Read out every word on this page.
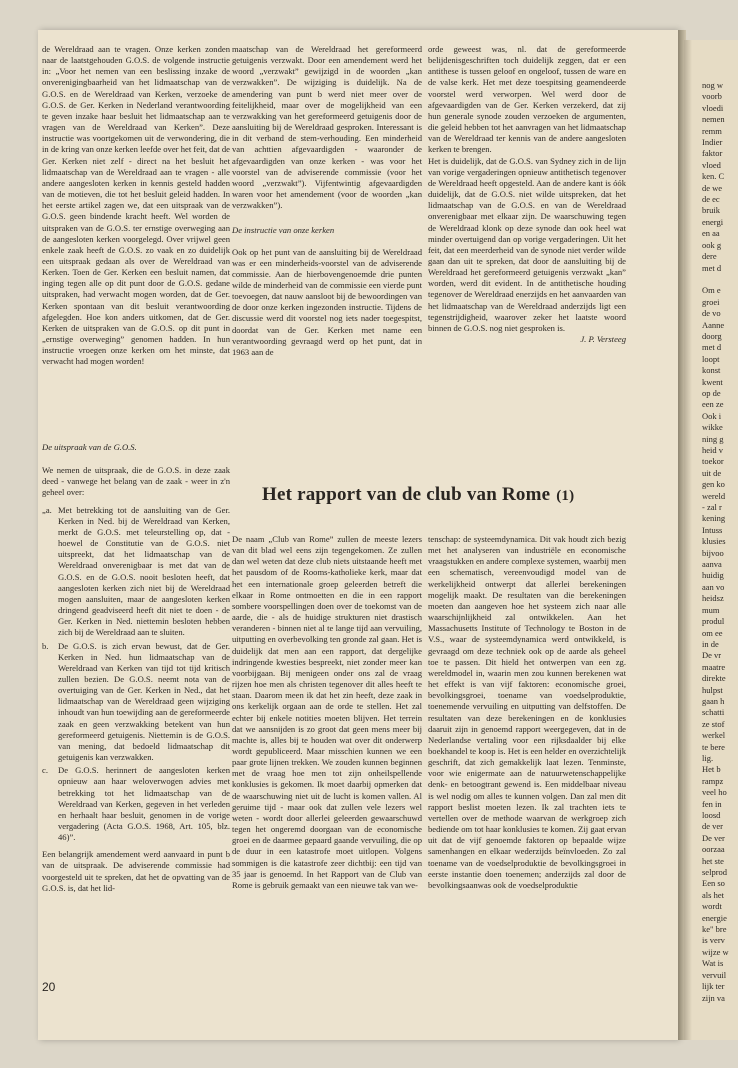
nog w

voorb

vloedi

nemen

remm

Indier

faktor

vloed

ken. C

de we

de ec

bruik

energi

en aa

ook g

dere

met d

Om e

groei

de vo

Aanne

doorg

met d

loopt

konst

kwent

op de

een ze

Ook i

wikke

ning g

heid v

toekor

uit de

gen ko

wereld

- zal r

kening

Intuss

klusies

bijvoo

aanva

huidig

aan vo

heidsz

mum

produl

om ee

in de

De vr

maatre

direkte

hulpst

gaan h

schatti

ze stof

werkel

te bere

lig.

Het b

rampz

veel ho

fen in

loosd

de ver

De ver

oorzaa

het ste

selprod

Een so

als het

wordt

energie

ke" bre

is verv

wijze w

Wat is

vervuil

lijk ter

zijn va

de Wereldraad aan te vragen. Onze kerken zonden naar de laatstgehouden G.O.S. de volgende instructie in: „Voor het nemen van een beslissing inzake de onverenigingbaarheid van het lidmaatschap van de G.O.S. en de Wereldraad van Kerken, verzoeke de G.O.S. de Ger. Kerken in Nederland verantwoording te geven inzake haar besluit het lidmaatschap aan te vragen van de Wereldraad van Kerken”. Deze instructie was voortgekomen uit de verwondering, die in de kring van onze kerken leefde over het feit, dat de Ger. Kerken niet zelf - direct na het besluit het lidmaatschap van de Wereldraad aan te vragen - alle andere aangesloten kerken in kennis gesteld hadden van de motieven, die tot het besluit geleid hadden. In het eerste artikel zagen we, dat een uitspraak van de G.O.S. geen bindende kracht heeft. Wel worden de uitspraken van de G.O.S. ter ernstige overweging aan de aangesloten kerken voorgelegd. Over vrijwel geen enkele zaak heeft de G.O.S. zo vaak en zo duidelijk een uitspraak gedaan als over de Wereldraad van Kerken. Toen de Ger. Kerken een besluit namen, dat inging tegen alle op dit punt door de G.O.S. gedane uitspraken, had verwacht mogen worden, dat de Ger. Kerken spontaan van dit besluit verantwoording afgelegden. Hoe kon anders uitkomen, dat de Ger. Kerken de uitspraken van de G.O.S. op dit punt in „ernstige overweging” genomen hadden. In hun instructie vroegen onze kerken om het minste, dat verwacht had mogen worden!

maatschap van de Wereldraad het gereformeerd getuigenis verzwakt. Door een amendement werd het woord „verzwakt” gewijzigd in de woorden „kan verzwakken”. De wijziging is duidelijk. Na de amendering van punt b werd niet meer over de feitelijkheid, maar over de mogelijkheid van een verzwakking van het gereformeerd getuigenis door de aansluiting bij de Wereldraad gesproken. Interessant is in dit verband de stem-verhouding. Een minderheid van achttien afgevaardigden - waaronder de afgevaardigden van onze kerken - was voor het voorstel van de adviserende commissie (voor het woord „verzwakt”). Vijfentwintig afgevaardigden waren voor het amendement (voor de woorden „kan verzwakken”).

De instructie van onze kerken

Ook op het punt van de aansluiting bij de Wereldraad was er een minderheids-voorstel van de adviserende commissie. Aan de hierbovengenoemde drie punten wilde de minderheid van de commissie een vierde punt toevoegen, dat nauw aansloot bij de bewoordingen van de door onze kerken ingezonden instructie. Tijdens de discussie werd dit voorstel nog iets nader toegespitst, doordat van de Ger. Kerken met name een verantwoording gevraagd werd op het punt, dat in 1963 aan de

orde geweest was, nl. dat de gereformeerde belijdenisgeschriften toch duidelijk zeggen, dat er een antithese is tussen geloof en ongeloof, tussen de ware en de valse kerk. Het met deze toespitsing geamendeerde voorstel werd verworpen. Wel werd door de afgevaardigden van de Ger. Kerken verzekerd, dat zij hun generale synode zouden verzoeken de argumenten, die geleid hebben tot het aanvragen van het lidmaatschap van de Wereldraad ter kennis van de andere aangesloten kerken te brengen.

Het is duidelijk, dat de G.O.S. van Sydney zich in de lijn van vorige vergaderingen opnieuw antithetisch tegenover de Wereldraad heeft opgesteld. Aan de andere kant is óók duidelijk, dat de G.O.S. niet wilde uitspreken, dat het lidmaatschap van de G.O.S. en van de Wereldraad onverenigbaar met elkaar zijn. De waarschuwing tegen de Wereldraad klonk op deze synode dan ook heel wat minder overtuigend dan op vorige vergaderingen. Uit het feit, dat een meerderheid van de synode niet verder wilde gaan dan uit te spreken, dat door de aansluiting bij de Wereldraad het gereformeerd getuigenis verzwakt „kan” worden, werd dit evident. In de antithetische houding tegenover de Wereldraad enerzijds en het aanvaarden van het lidmaatschap van de Wereldraad anderzijds ligt een tegenstrijdigheid, waarover zeker het laatste woord binnen de G.O.S. nog niet gesproken is.

J. P. Versteeg

De uitspraak van de G.O.S.

We nemen de uitspraak, die de G.O.S. in deze zaak deed - vanwege het belang van de zaak - weer in z'n geheel over:

„a. Met betrekking tot de aansluiting van de Ger. Kerken in Ned. bij de Wereldraad van Kerken, merkt de G.O.S. met teleurstelling op, dat - hoewel de Constitutie van de G.O.S. niet uitspreekt, dat het lidmaatschap van de Wereldraad onverenigbaar is met dat van de G.O.S. en de G.O.S. nooit besloten heeft, dat aangesloten kerken zich niet bij de Wereldraad mogen aansluiten, maar de aangesloten kerken dringend geadviseerd heeft dit niet te doen - de Ger. Kerken in Ned. niettemin besloten hebben zich bij de Wereldraad aan te sluiten.
b. De G.O.S. is zich ervan bewust, dat de Ger. Kerken in Ned. hun lidmaatschap van de Wereldraad van Kerken van tijd tot tijd kritisch zullen bezien. De G.O.S. neemt nota van de overtuiging van de Ger. Kerken in Ned., dat het lidmaatschap van de Wereldraad geen wijziging inhoudt van hun toewijding aan de gereformeerde zaak en geen verzwakking betekent van hun gereformeerd getuigenis. Niettemin is de G.O.S. van mening, dat bedoeld lidmaatschap dit getuigenis kan verzwakken.
c. De G.O.S. herinnert de aangesloten kerken opnieuw aan haar weloverwogen advies met betrekking tot het lidmaatschap van de Wereldraad van Kerken, gegeven in het verleden en herhaalt haar besluit, genomen in de vorige vergadering (Acta G.O.S. 1968, Art. 105, blz. 46)”.

Een belangrijk amendement werd aanvaard in punt b van de uitspraak. De adviserende commissie had voorgesteld uit te spreken, dat het de opvatting van de G.O.S. is, dat het lid-

Het rapport van de club van Rome (1)

De naam „Club van Rome” zullen de meeste lezers van dit blad wel eens zijn tegengekomen. Ze zullen dan wel weten dat deze club niets uitstaande heeft met het pausdom of de Rooms-katholieke kerk, maar dat het een internationale groep geleerden betreft die elkaar in Rome ontmoetten en die in een rapport sombere voorspellingen doen over de toekomst van de aarde, die - als de huidige strukturen niet drastisch veranderen - binnen niet al te lange tijd aan vervuiling, uitputting en overbevolking ten gronde zal gaan. Het is duidelijk dat men aan een rapport, dat dergelijke indringende kwesties bespreekt, niet zonder meer kan voorbijgaan. Bij menigeen onder ons zal de vraag rijzen hoe men als christen tegenover dit alles heeft te staan. Daarom meen ik dat het zin heeft, deze zaak in ons kerkelijk orgaan aan de orde te stellen. Het zal echter bij enkele notities moeten blijven. Het terrein dat we aansnijden is zo groot dat geen mens meer bij machte is, alles bij te houden wat over dit onderwerp wordt gepubliceerd. Maar misschien kunnen we een paar grote lijnen trekken. We zouden kunnen beginnen met de vraag hoe men tot zijn onheilspellende konklusies is gekomen. Ik moet daarbij opmerken dat de waarschuwing niet uit de lucht is komen vallen. Al geruime tijd - maar ook dat zullen vele lezers wel weten - wordt door allerlei geleerden gewaarschuwd tegen het ongeremd doorgaan van de economische groei en de daarmee gepaard gaande vervuiling, die op de duur in een katastrofe moet uitlopen. Volgens sommigen is die katastrofe zeer dichtbij: een tijd van 35 jaar is genoemd. In het Rapport van de Club van Rome is gebruik gemaakt van een nieuwe tak van we-

tenschap: de systeemdynamica. Dit vak houdt zich bezig met het analyseren van industriële en economische vraagstukken en andere complexe systemen, waarbij men een schematisch, vereenvoudigd model van de werkelijkheid ontwerpt dat allerlei berekeningen mogelijk maakt. De resultaten van die berekeningen moeten dan aangeven hoe het systeem zich naar alle waarschijnlijkheid zal ontwikkelen. Aan het Massachusetts Institute of Technology te Boston in de V.S., waar de systeemdynamica werd ontwikkeld, is gevraagd om deze techniek ook op de aarde als geheel toe te passen. Dit hield het ontwerpen van een zg. wereldmodel in, waarin men zou kunnen berekenen wat het effekt is van vijf faktoren: economische groei, bevolkingsgroei, toename van voedselproduktie, toenemende vervuiling en uitputting van delfstoffen. De resultaten van deze berekeningen en de konklusies daaruit zijn in genoemd rapport weergegeven, dat in de Nederlandse vertaling voor een rijksdaalder bij elke boekhandel te koop is. Het is een helder en overzichtelijk geschrift, dat zich gemakkelijk laat lezen. Tenminste, voor wie enigermate aan de natuurwetenschappelijke denk- en betoogtrant gewend is. Een middelbaar niveau is wel nodig om alles te kunnen volgen. Dan zal men dit rapport beslist moeten lezen. Ik zal trachten iets te vertellen over de methode waarvan de werkgroep zich bediende om tot haar konklusies te komen. Zij gaat ervan uit dat de vijf genoemde faktoren op bepaalde wijze samenhangen en elkaar wederzijds beïnvloeden. Zo zal toename van de voedselproduktie de bevolkingsgroei in eerste instantie doen toenemen; anderzijds zal door de bevolkingsaanwas ook de voedselproduktie

20
